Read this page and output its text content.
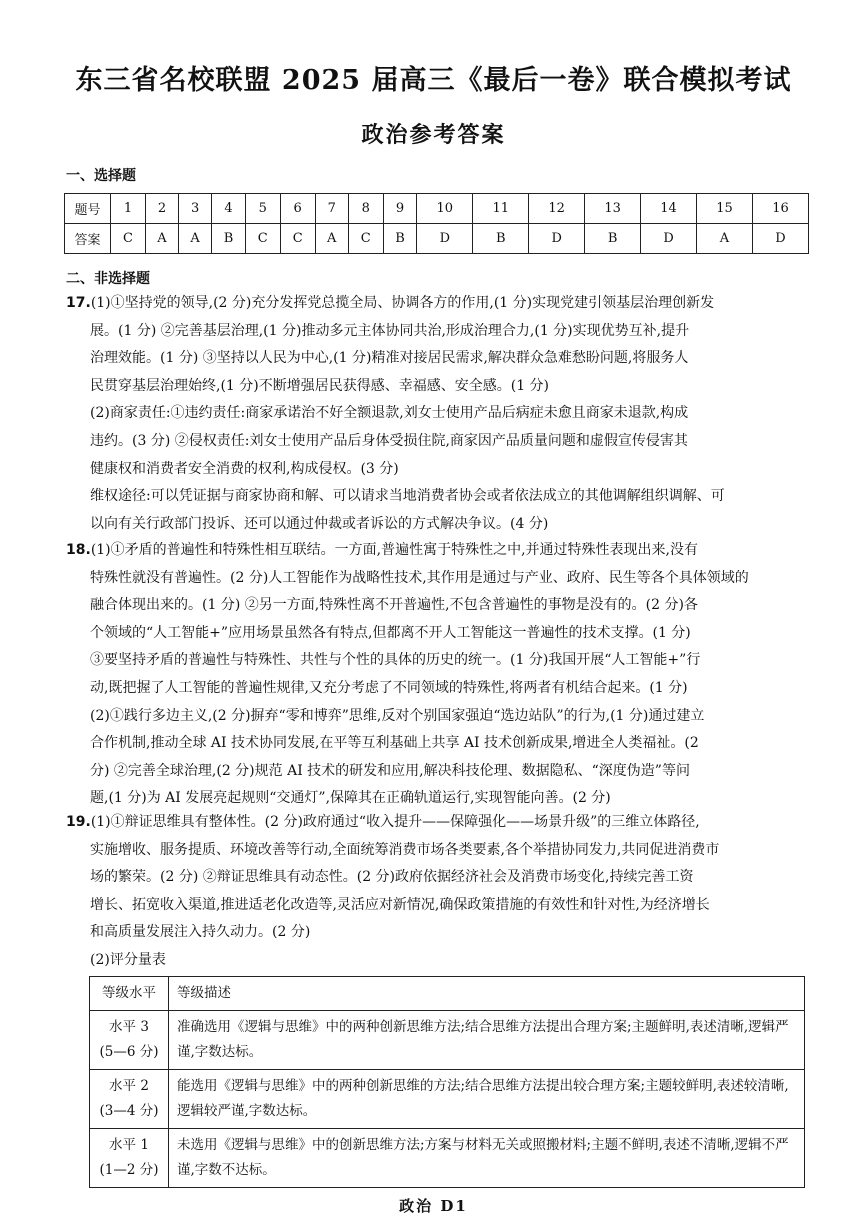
东三省名校联盟 2025 届高三《最后一卷》联合模拟考试
政治参考答案
一、选择题
题号	1	2	3	4	5	6	7	8	9	10	11	12	13	14	15	16
答案	C	A	A	B	C	C	A	C	B	D	B	D	B	D	A	D
二、非选择题
17.(1)①坚持党的领导,(2 分)充分发挥党总揽全局、协调各方的作用,(1 分)实现党建引领基层治理创新发
展。(1 分) ②完善基层治理,(1 分)推动多元主体协同共治,形成治理合力,(1 分)实现优势互补,提升
治理效能。(1 分) ③坚持以人民为中心,(1 分)精准对接居民需求,解决群众急难愁盼问题,将服务人
民贯穿基层治理始终,(1 分)不断增强居民获得感、幸福感、安全感。(1 分)
(2)商家责任:①违约责任:商家承诺治不好全额退款,刘女士使用产品后病症未愈且商家未退款,构成
违约。(3 分) ②侵权责任:刘女士使用产品后身体受损住院,商家因产品质量问题和虚假宣传侵害其
健康权和消费者安全消费的权利,构成侵权。(3 分)
维权途径:可以凭证据与商家协商和解、可以请求当地消费者协会或者依法成立的其他调解组织调解、可
以向有关行政部门投诉、还可以通过仲裁或者诉讼的方式解决争议。(4 分)
18.(1)①矛盾的普遍性和特殊性相互联结。一方面,普遍性寓于特殊性之中,并通过特殊性表现出来,没有
特殊性就没有普遍性。(2 分)人工智能作为战略性技术,其作用是通过与产业、政府、民生等各个具体领域的
融合体现出来的。(1 分) ②另一方面,特殊性离不开普遍性,不包含普遍性的事物是没有的。(2 分)各
个领域的“人工智能+”应用场景虽然各有特点,但都离不开人工智能这一普遍性的技术支撑。(1 分)
③要坚持矛盾的普遍性与特殊性、共性与个性的具体的历史的统一。(1 分)我国开展“人工智能+”行
动,既把握了人工智能的普遍性规律,又充分考虑了不同领域的特殊性,将两者有机结合起来。(1 分)
(2)①践行多边主义,(2 分)摒弃“零和博弈”思维,反对个别国家强迫“选边站队”的行为,(1 分)通过建立
合作机制,推动全球 AI 技术协同发展,在平等互利基础上共享 AI 技术创新成果,增进全人类福祉。(2
分) ②完善全球治理,(2 分)规范 AI 技术的研发和应用,解决科技伦理、数据隐私、“深度伪造”等问
题,(1 分)为 AI 发展亮起规则“交通灯”,保障其在正确轨道运行,实现智能向善。(2 分)
19.(1)①辩证思维具有整体性。(2 分)政府通过“收入提升——保障强化——场景升级”的三维立体路径,
实施增收、服务提质、环境改善等行动,全面统筹消费市场各类要素,各个举措协同发力,共同促进消费市
场的繁荣。(2 分) ②辩证思维具有动态性。(2 分)政府依据经济社会及消费市场变化,持续完善工资
增长、拓宽收入渠道,推进适老化改造等,灵活应对新情况,确保政策措施的有效性和针对性,为经济增长
和高质量发展注入持久动力。(2 分)
(2)评分量表
等级水平	等级描述

水平 3
(5—6 分)	准确选用《逻辑与思维》中的两种创新思维方法;结合思维方法提出合理方案;主题鲜明,表述清晰,逻辑严谨,字数达标。

水平 2
(3—4 分)	能选用《逻辑与思维》中的两种创新思维的方法;结合思维方法提出较合理方案;主题较鲜明,表述较清晰,逻辑较严谨,字数达标。

水平 1
(1—2 分)	未选用《逻辑与思维》中的创新思维方法;方案与材料无关或照搬材料;主题不鲜明,表述不清晰,逻辑不严谨,字数不达标。
政治 D1
